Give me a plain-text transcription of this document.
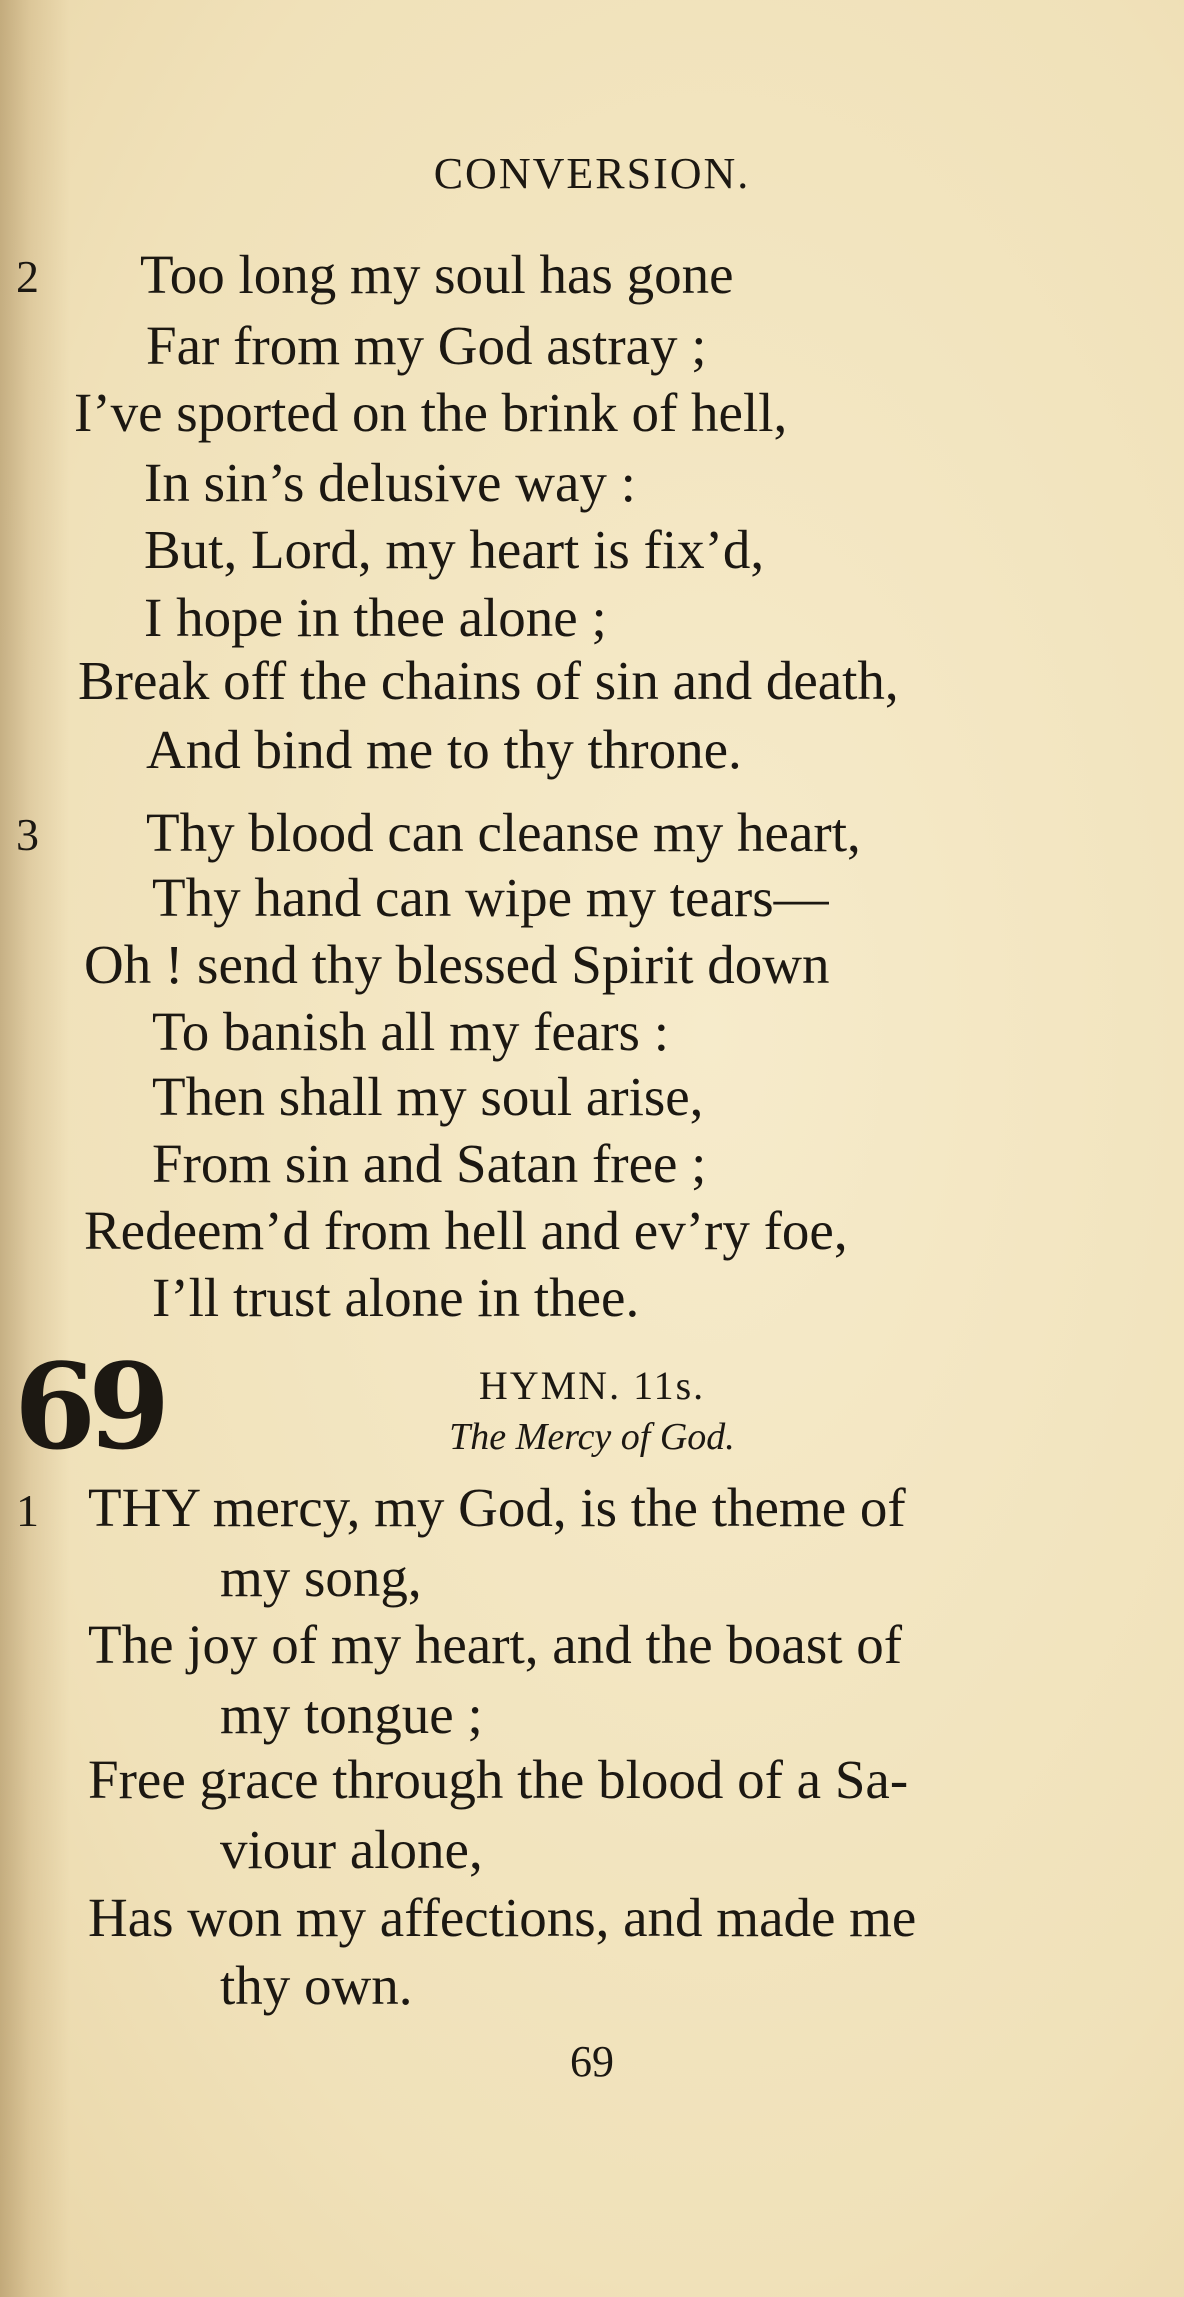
CONVERSION.
2 Too long my soul has gone
Far from my God astray ;
I’ve sported on the brink of hell,
In sin’s delusive way :
But, Lord, my heart is fix’d,
I hope in thee alone ;
Break off the chains of sin and death,
And bind me to thy throne.
3 Thy blood can cleanse my heart,
Thy hand can wipe my tears—
Oh ! send thy blessed Spirit down
To banish all my fears :
Then shall my soul arise,
From sin and Satan free ;
Redeem’d from hell and ev’ry foe,
I’ll trust alone in thee.
69	HYMN. 11s.
The Mercy of God.
1 THY mercy, my God, is the theme of
my song,
The joy of my heart, and the boast of
my tongue ;
Free grace through the blood of a Sa-
viour alone,
Has won my affections, and made me
thy own.
69
